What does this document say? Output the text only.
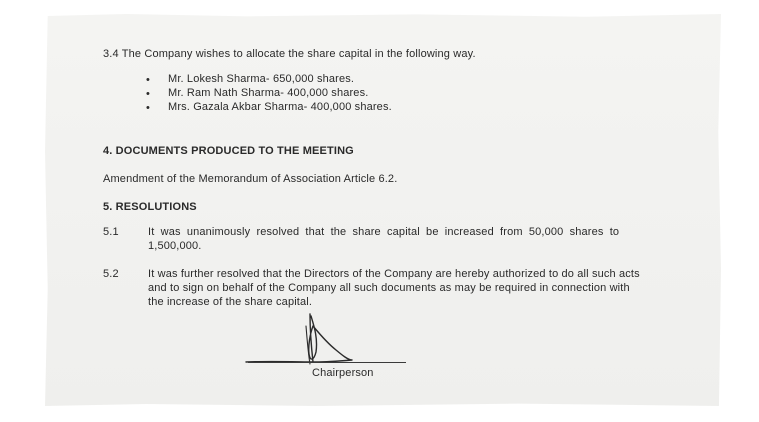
3.4 The Company wishes to allocate the share capital in the following way.
• Mr. Lokesh Sharma- 650,000 shares.
• Mr. Ram Nath Sharma- 400,000 shares.
• Mrs. Gazala Akbar Sharma- 400,000 shares.
4. DOCUMENTS PRODUCED TO THE MEETING
Amendment of the Memorandum of Association Article 6.2.
5. RESOLUTIONS
5.1	It was unanimously resolved that the share capital be increased from 50,000 shares to
1,500,000.
5.2	It was further resolved that the Directors of the Company are hereby authorized to do all such acts
and to sign on behalf of the Company all such documents as may be required in connection with
the increase of the share capital.
Chairperson
